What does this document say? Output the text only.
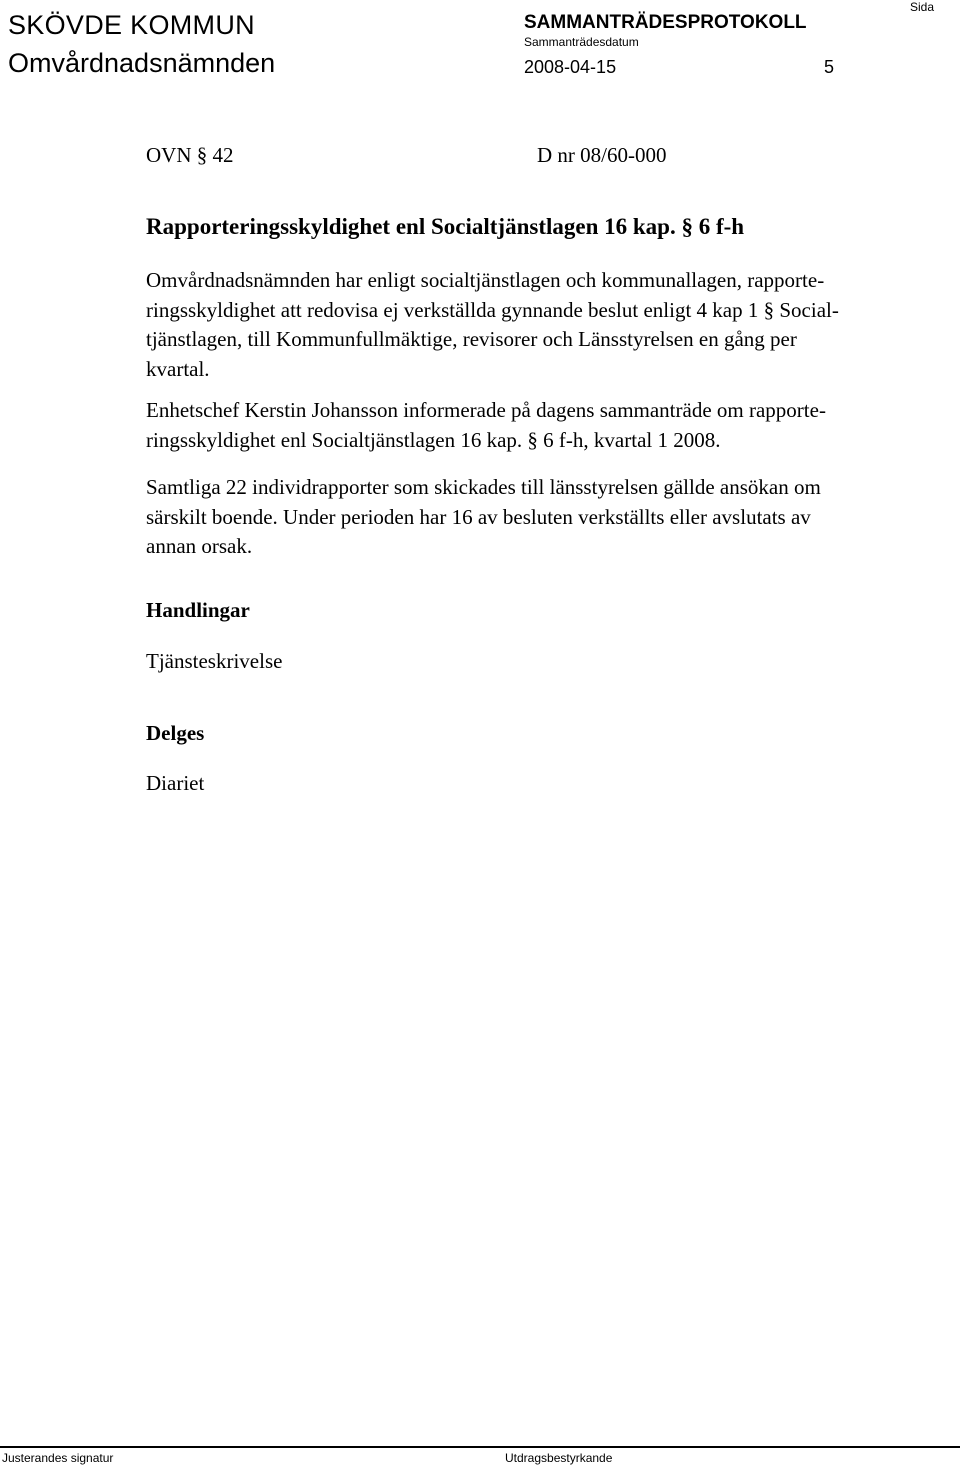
SKÖVDE KOMMUN
Omvårdnadsnämnden
SAMMANTRÄDESPROTOKOLL
Sammanträdesdatum
2008-04-15
Sida
5
OVN § 42	D nr 08/60-000
Rapporteringsskyldighet enl Socialtjänstlagen 16 kap. § 6 f-h
Omvårdnadsnämnden har enligt socialtjänstlagen och kommunallagen, rapporte-
ringsskyldighet att redovisa ej verkställda gynnande beslut enligt 4 kap 1 § Social-
tjänstlagen, till Kommunfullmäktige, revisorer och Länsstyrelsen en gång per
kvartal.
Enhetschef Kerstin Johansson informerade på dagens sammanträde om rapporte-
ringsskyldighet enl Socialtjänstlagen 16 kap. § 6 f-h, kvartal 1 2008.
Samtliga 22 individrapporter som skickades till länsstyrelsen gällde ansökan om
särskilt boende. Under perioden har 16 av besluten verkställts eller avslutats av
annan orsak.
Handlingar
Tjänsteskrivelse
Delges
Diariet
Justerandes signatur	Utdragsbestyrkande
